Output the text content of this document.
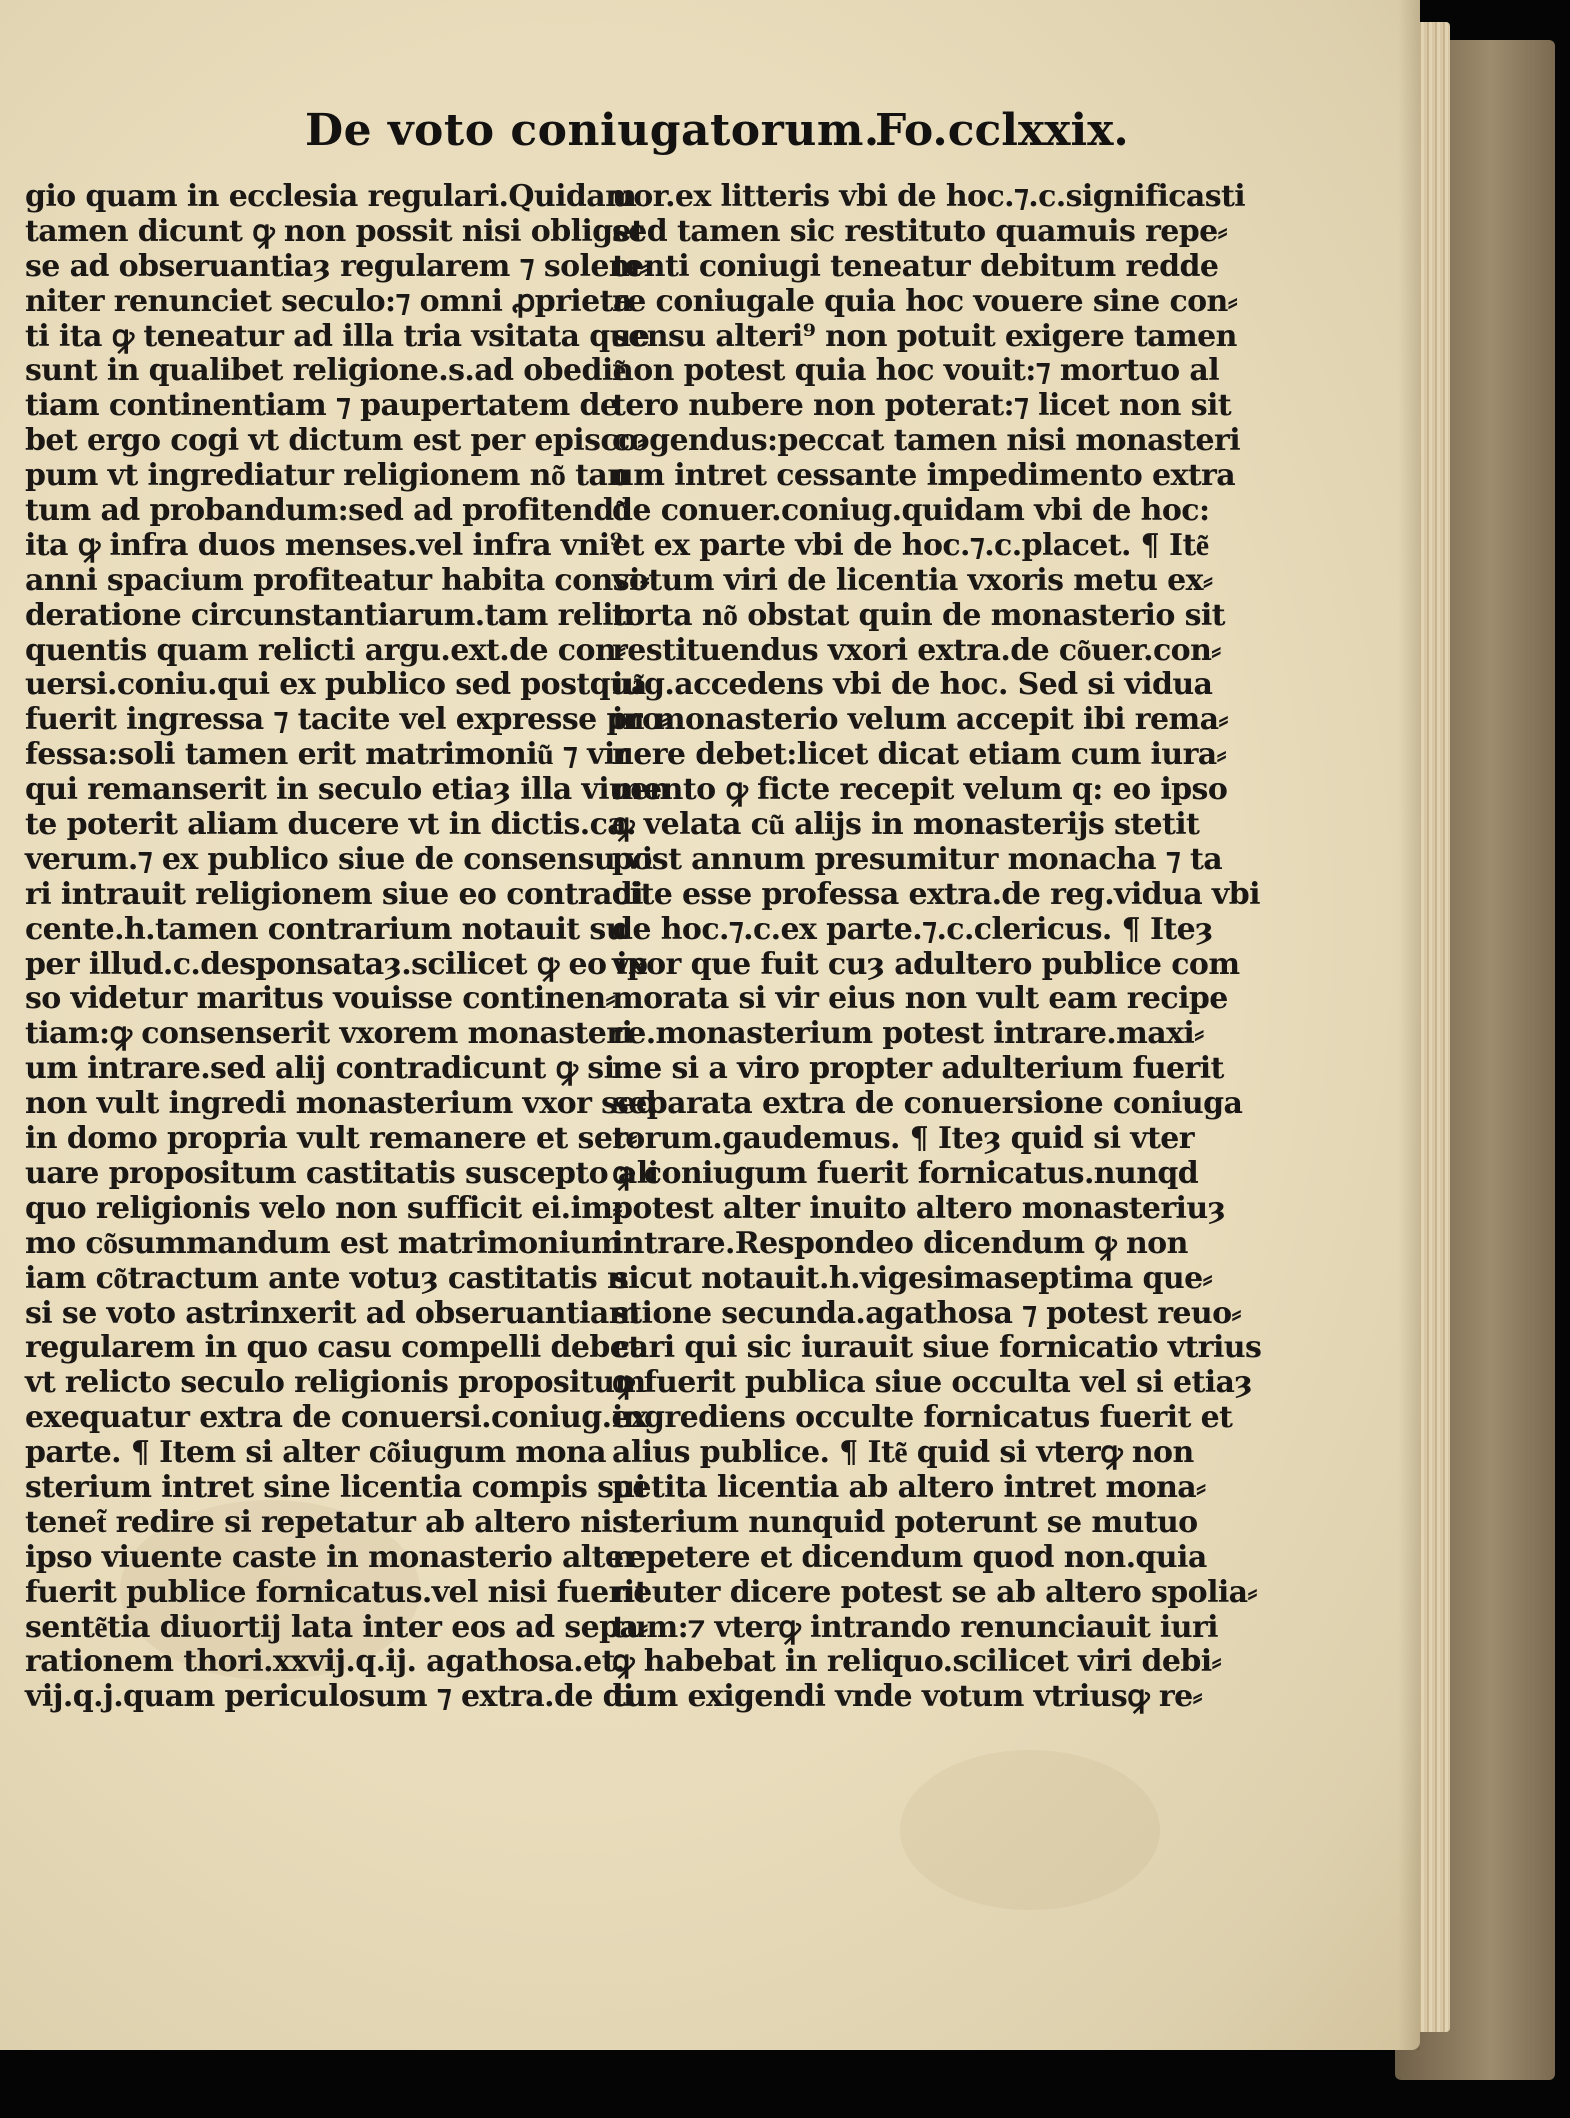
De voto coniugatorum.
Fo.cclxxix.
gio quam in ecclesia regulari.Quidam
tamen dicunt ꝙ non possit nisi obliget
se ad obseruantiaȝ regularem ⁊ solem⸗
niter renunciet seculo:⁊ omni ꝓprieta
ti ita ꝙ teneatur ad illa tria vsitata que
sunt in qualibet religione.s.ad obedie͂
tiam continentiam ⁊ paupertatem de
bet ergo cogi vt dictum est per episco⸗
pum vt ingrediatur religionem no͂ tan
tum ad probandum:sed ad profitendu͂
ita ꝙ infra duos menses.vel infra vni⁹
anni spacium profiteatur habita consi⸗
deratione circunstantiarum.tam relin
quentis quam relicti argu.ext.de con⸗
uersi.coniu.qui ex publico sed postqua͂
fuerit ingressa ⁊ tacite vel expresse pro⸗
fessa:soli tamen erit matrimoniu͂ ⁊ vir
qui remanserit in seculo etiaȝ illa viuen
te poterit aliam ducere vt in dictis.ca.
verum.⁊ ex publico siue de consensu vi
ri intrauit religionem siue eo contradi
cente.h.tamen contrarium notauit su
per illud.c.desponsataȝ.scilicet ꝙ eo ip
so videtur maritus vouisse continen⸗
tiam:ꝙ consenserit vxorem monasteri
um intrare.sed alij contradicunt ꝙ si
non vult ingredi monasterium vxor sed
in domo propria vult remanere et ser⸗
uare propositum castitatis suscepto ali
quo religionis velo non sufficit ei.im⸗
mo co͂summandum est matrimonium
iam co͂tractum ante votuȝ castitatis ni
si se voto astrinxerit ad obseruantiam
regularem in quo casu compelli debet
vt relicto seculo religionis propositum
exequatur extra de conuersi.coniug.ex
parte. ¶ Item si alter co͂iugum mona
sterium intret sine licentia compis sui
tenet͂ redire si repetatur ab altero nisi
ipso viuente caste in monasterio alter
fuerit publice fornicatus.vel nisi fuerit
sente͂tia diuortij lata inter eos ad sepa⸗
rationem thori.xxvij.q.ij. agathosa.et.
vij.q.j.quam periculosum ⁊ extra.de di
uor.ex litteris vbi de hoc.⁊.c.significasti
sed tamen sic restituto quamuis repe⸗
tenti coniugi teneatur debitum redde
re coniugale quia hoc vouere sine con⸗
sensu alteri⁹ non potuit exigere tamen
non potest quia hoc vouit:⁊ mortuo al
tero nubere non poterat:⁊ licet non sit
cogendus:peccat tamen nisi monasteri
um intret cessante impedimento extra
de conuer.coniug.quidam vbi de hoc:
et ex parte vbi de hoc.⁊.c.placet. ¶ Ite͂
votum viri de licentia vxoris metu ex⸗
torta no͂ obstat quin de monasterio sit
restituendus vxori extra.de co͂uer.con⸗
iug.accedens vbi de hoc. Sed si vidua
in monasterio velum accepit ibi rema⸗
nere debet:licet dicat etiam cum iura⸗
mento ꝙ ficte recepit velum q: eo ipso
ꝙ velata cu͂ alijs in monasterijs stetit
post annum presumitur monacha ⁊ ta
cite esse professa extra.de reg.vidua vbi
de hoc.⁊.c.ex parte.⁊.c.clericus. ¶ Iteȝ
vxor que fuit cuȝ adultero publice com
morata si vir eius non vult eam recipe
re.monasterium potest intrare.maxi⸗
me si a viro propter adulterium fuerit
separata extra de conuersione coniuga
torum.gaudemus. ¶ Iteȝ quid si vter
ꝙ coniugum fuerit fornicatus.nunqd
potest alter inuito altero monasteriuȝ
intrare.Respondeo dicendum ꝙ non
sicut notauit.h.vigesimaseptima que⸗
stione secunda.agathosa ⁊ potest reuo⸗
cari qui sic iurauit siue fornicatio vtrius
ꝙ fuerit publica siue occulta vel si etiaȝ
ingrediens occulte fornicatus fuerit et
alius publice. ¶ Ite͂ quid si vterꝙ non
petita licentia ab altero intret mona⸗
sterium nunquid poterunt se mutuo
repetere et dicendum quod non.quia
neuter dicere potest se ab altero spolia⸗
tum:⁊ vterꝙ intrando renunciauit iuri
ꝙ habebat in reliquo.scilicet viri debi⸗
tum exigendi vnde votum vtriusꝙ re⸗
